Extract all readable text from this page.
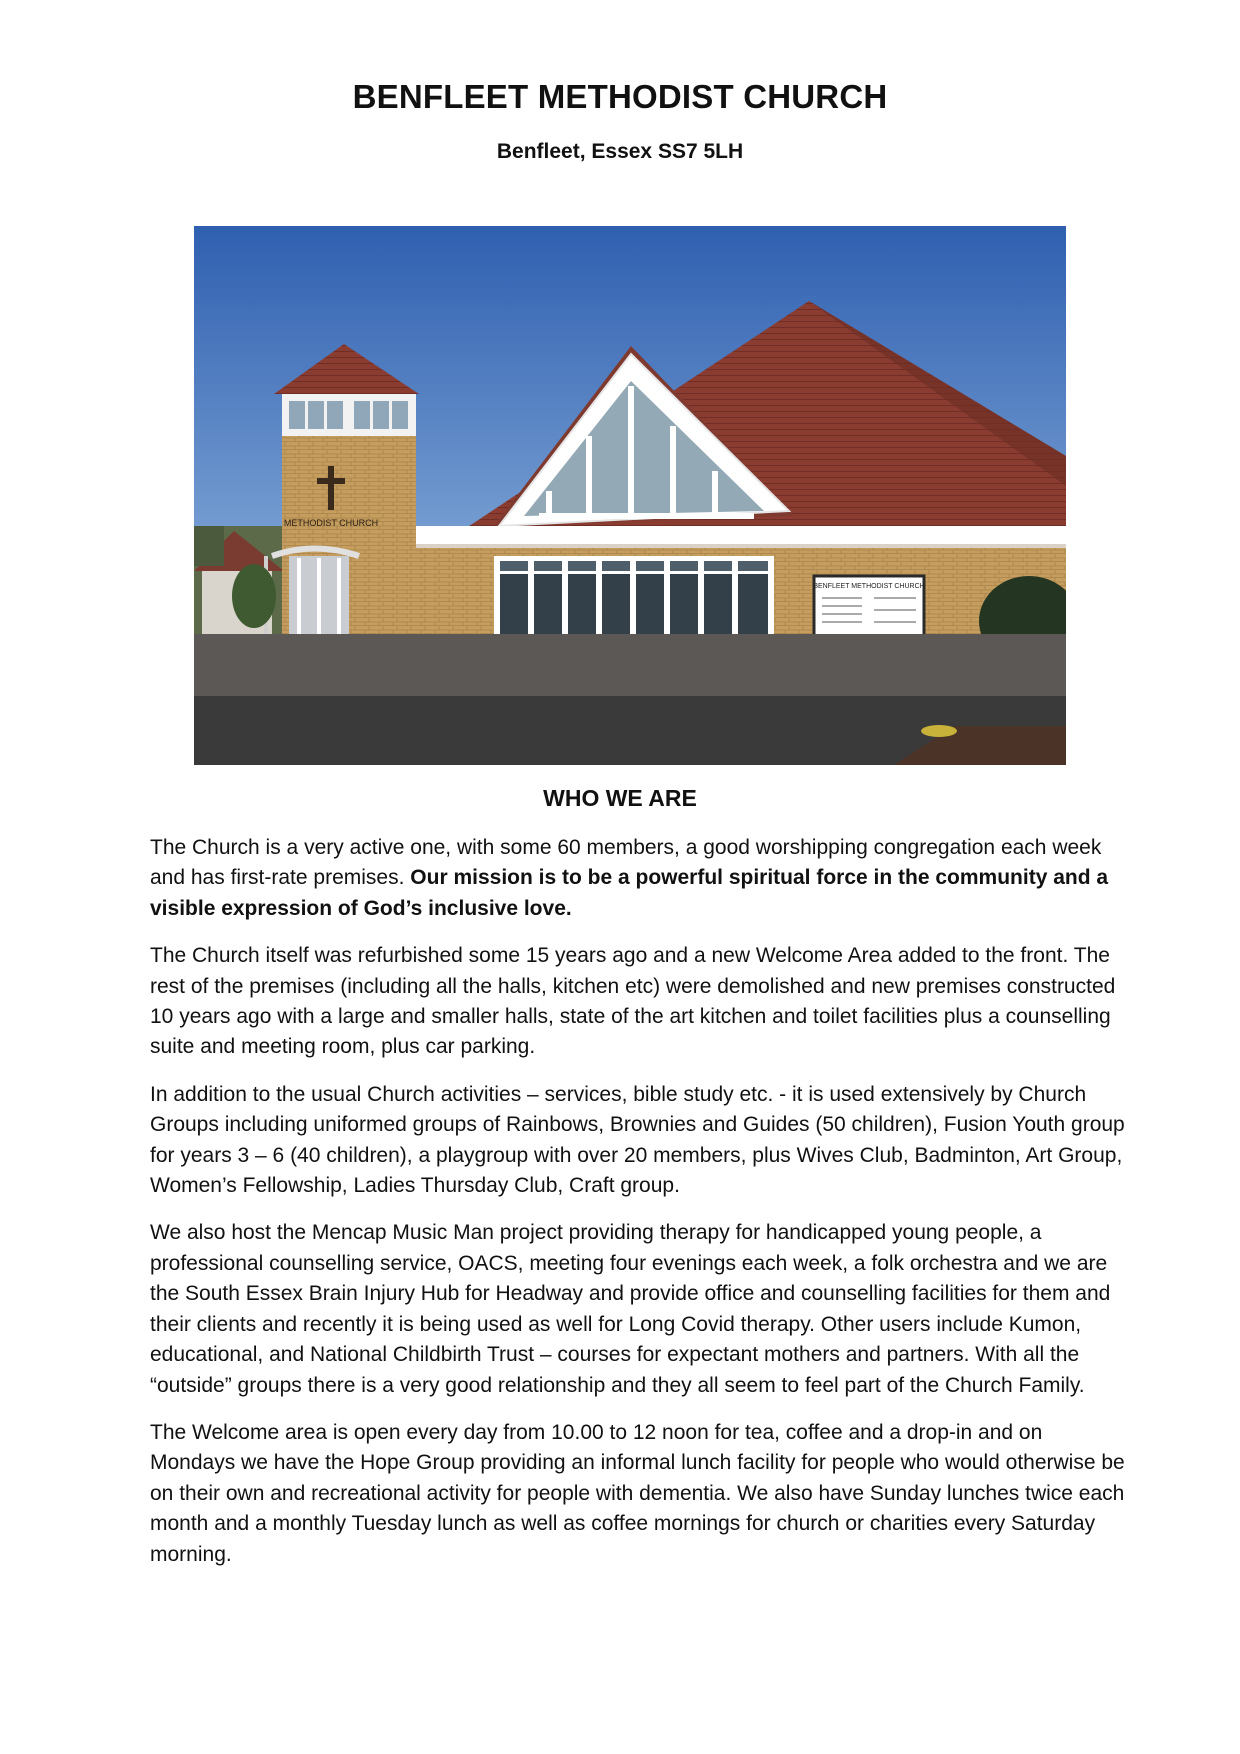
BENFLEET METHODIST CHURCH
Benfleet, Essex SS7 5LH
BENFLEET METHODIST CHURCH
METHODIST CHURCH
WHO WE ARE

The Church is a very active one, with some 60 members, a good worshipping congregation each week and has first-rate premises. Our mission is to be a powerful spiritual force in the community and a visible expression of God’s inclusive love.

The Church itself was refurbished some 15 years ago and a new Welcome Area added to the front. The rest of the premises (including all the halls, kitchen etc) were demolished and new premises constructed 10 years ago with a large and smaller halls, state of the art kitchen and toilet facilities plus a counselling suite and meeting room, plus car parking.

In addition to the usual Church activities – services, bible study etc. - it is used extensively by Church Groups including uniformed groups of Rainbows, Brownies and Guides (50 children), Fusion Youth group for years 3 – 6 (40 children), a playgroup with over 20 members, plus Wives Club, Badminton, Art Group, Women’s Fellowship, Ladies Thursday Club, Craft group.

We also host the Mencap Music Man project providing therapy for handicapped young people, a professional counselling service, OACS, meeting four evenings each week, a folk orchestra and we are the South Essex Brain Injury Hub for Headway and provide office and counselling facilities for them and their clients and recently it is being used as well for Long Covid therapy. Other users include Kumon, educational, and National Childbirth Trust – courses for expectant mothers and partners. With all the “outside” groups there is a very good relationship and they all seem to feel part of the Church Family.

The Welcome area is open every day from 10.00 to 12 noon for tea, coffee and a drop-in and on Mondays we have the Hope Group providing an informal lunch facility for people who would otherwise be on their own and recreational activity for people with dementia. We also have Sunday lunches twice each month and a monthly Tuesday lunch as well as coffee mornings for church or charities every Saturday morning.
